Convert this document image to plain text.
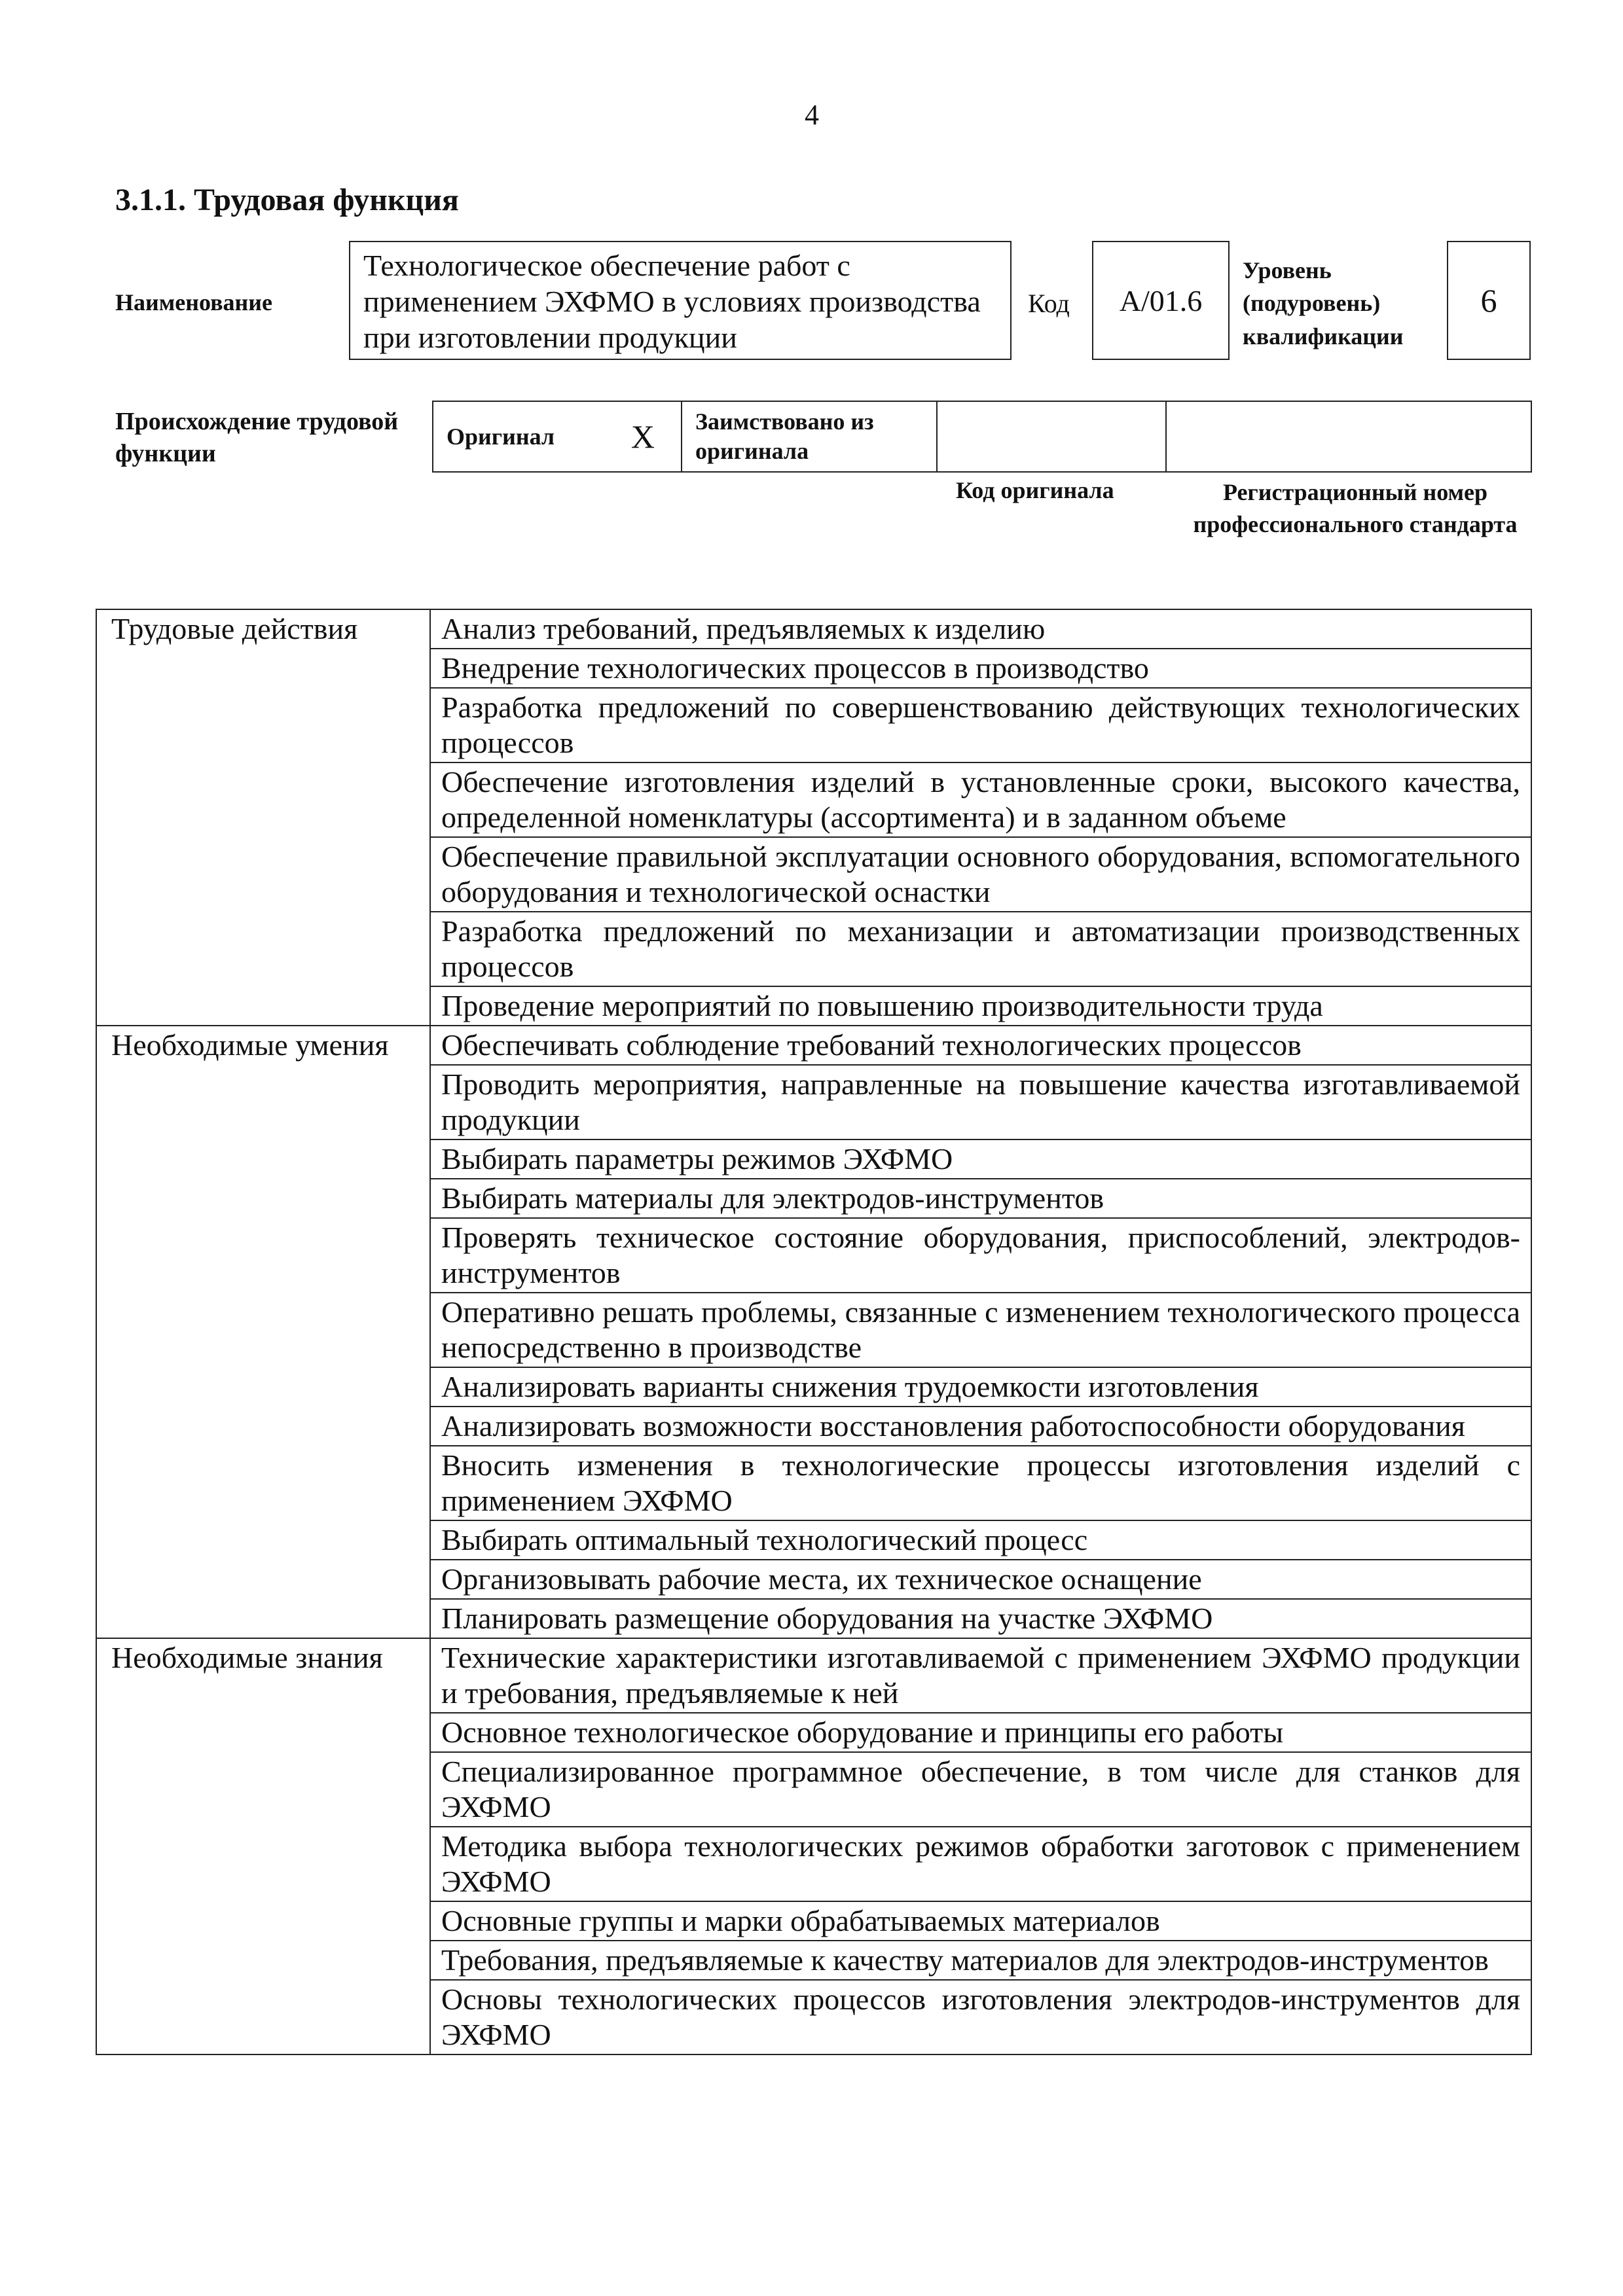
4
3.1.1. Трудовая функция
Наименование
Технологическое обеспечение работ с применением ЭХФМО в условиях производства при изготовлении продукции
Код	А/01.6
Уровень (подуровень) квалификации
6
Происхождение трудовой функции
Оригинал X	Заимствовано из оригинала
Код оригинала	Регистрационный номер профессионального стандарта
Трудовые действия	Анализ требований, предъявляемых к изделию
	Внедрение технологических процессов в производство
	Разработка предложений по совершенствованию действующих технологических процессов
	Обеспечение изготовления изделий в установленные сроки, высокого качества, определенной номенклатуры (ассортимента) и в заданном объеме
	Обеспечение правильной эксплуатации основного оборудования, вспомогательного оборудования и технологической оснастки
	Разработка предложений по механизации и автоматизации производственных процессов
	Проведение мероприятий по повышению производительности труда
Необходимые умения	Обеспечивать соблюдение требований технологических процессов
	Проводить мероприятия, направленные на повышение качества изготавливаемой продукции
	Выбирать параметры режимов ЭХФМО
	Выбирать материалы для электродов-инструментов
	Проверять техническое состояние оборудования, приспособлений, электродов-инструментов
	Оперативно решать проблемы, связанные с изменением технологического процесса непосредственно в производстве
	Анализировать варианты снижения трудоемкости изготовления
	Анализировать возможности восстановления работоспособности оборудования
	Вносить изменения в технологические процессы изготовления изделий с применением ЭХФМО
	Выбирать оптимальный технологический процесс
	Организовывать рабочие места, их техническое оснащение
	Планировать размещение оборудования на участке ЭХФМО
Необходимые знания	Технические характеристики изготавливаемой с применением ЭХФМО продукции и требования, предъявляемые к ней
	Основное технологическое оборудование и принципы его работы
	Специализированное программное обеспечение, в том числе для станков для ЭХФМО
	Методика выбора технологических режимов обработки заготовок с применением ЭХФМО
	Основные группы и марки обрабатываемых материалов
	Требования, предъявляемые к качеству материалов для электродов-инструментов
	Основы технологических процессов изготовления электродов-инструментов для ЭХФМО
